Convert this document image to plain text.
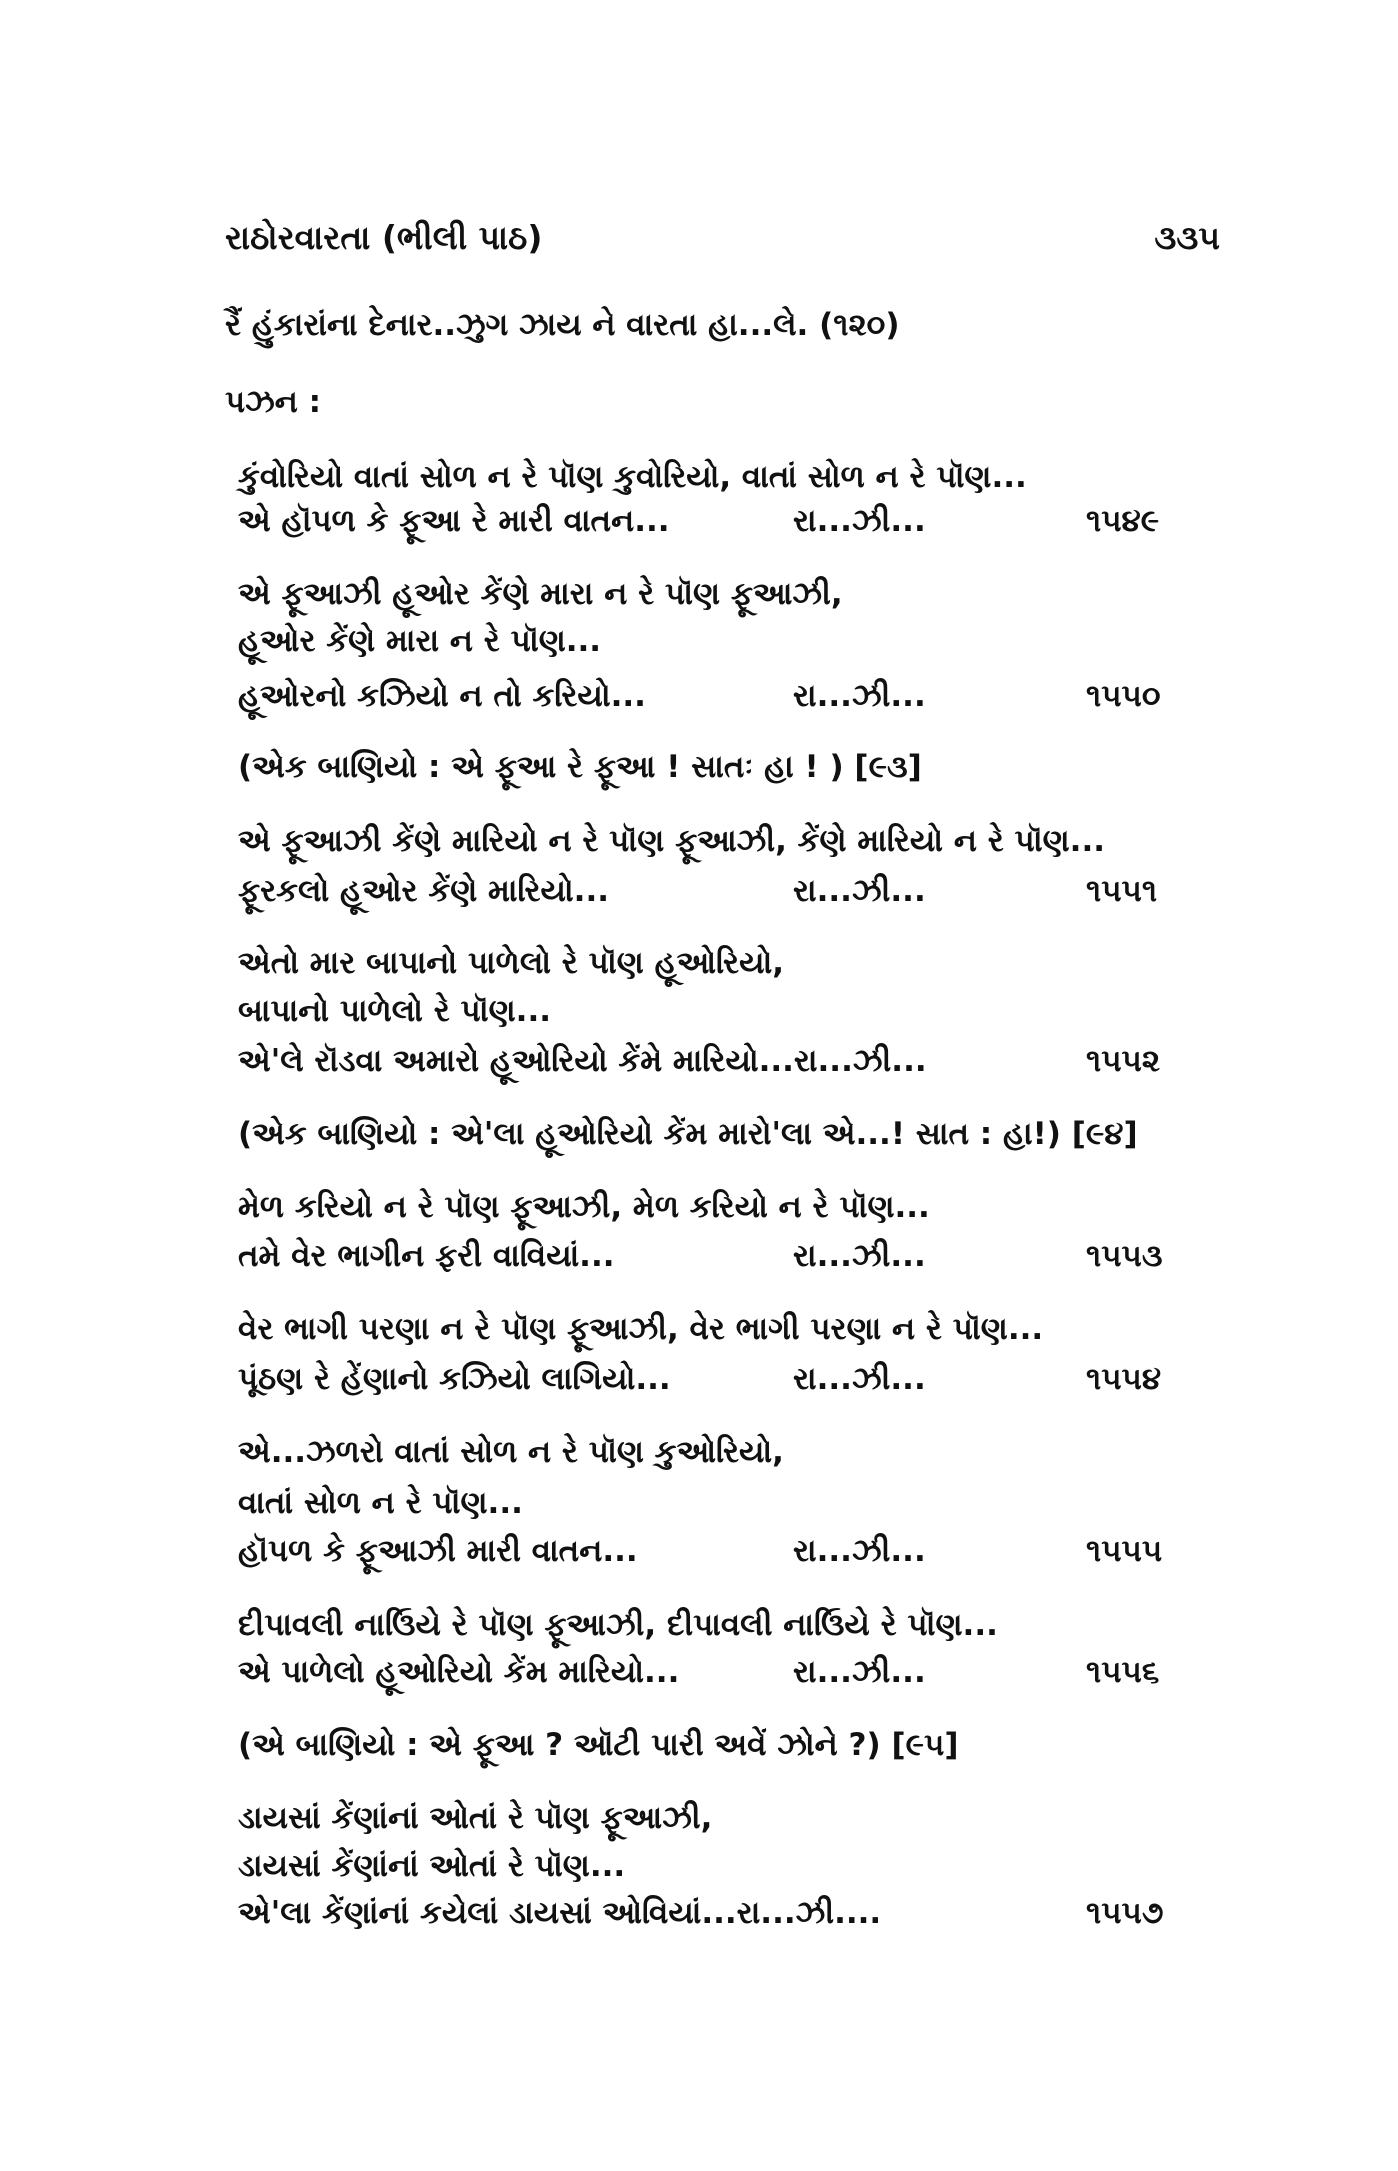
રાઠોરવારતા (ભીલી પાઠ)	૩૩૫
રૈં હુંકારાંના દેનાર..ઝુગ ઝાય ને વારતા હા...લે. (૧૨૦)
પઝન :
કુંવોરિયો વાતાં સોળ ન રે પૉણ કુવોરિયો, વાતાં સોળ ન રે પૉણ...
એ હૉપળ કે ફૂઆ રે મારી વાતન...	રા...ઝી...	૧૫૪૯
એ ફૂઆઝી હૂઓર કેંણે મારા ન રે પૉણ ફૂઆઝી,
હૂઓર કેંણે મારા ન રે પૉણ...
હૂઓરનો કઝિયો ન તો કરિયો...	રા...ઝી...	૧૫૫૦
(એક બાણિયો : એ ફૂઆ રે ફૂઆ ! સાતઃ હા ! ) [૯૩]
એ ફૂઆઝી કેંણે મારિયો ન રે પૉણ ફૂઆઝી, કેંણે મારિયો ન રે પૉણ...
ફૂરકલો હૂઓર કેંણે મારિયો...	રા...ઝી...	૧૫૫૧
એતો માર બાપાનો પાળેલો રે પૉણ હૂઓરિયો,
બાપાનો પાળેલો રે પૉણ...
એ'લે રૉડવા અમારો હૂઓરિયો કેંમે મારિયો...રા...ઝી...	૧૫૫૨
(એક બાણિયો : એ'લા હૂઓરિયો કેંમ મારો'લા એ...! સાત : હા!) [૯૪]
મેળ કરિયો ન રે પૉણ ફૂઆઝી, મેળ કરિયો ન રે પૉણ...
તમે વેર ભાગીન ફરી વાવિયાં...	રા...ઝી...	૧૫૫૩
વેર ભાગી પરણા ન રે પૉણ ફૂઆઝી, વેર ભાગી પરણા ન રે પૉણ...
પૂંઠણ રે હેંણાનો કઝિયો લાગિયો...	રા...ઝી...	૧૫૫૪
એ...ઝળરો વાતાં સોળ ન રે પૉણ કુઓરિયો,
વાતાં સોળ ન રે પૉણ...
હૉપળ કે ફૂઆઝી મારી વાતન...	રા...ઝી...	૧૫૫૫
દીપાવલી નાઉિયે રે પૉણ ફૂઆઝી, દીપાવલી નાઉિયે રે પૉણ...
એ પાળેલો હૂઓરિયો કેંમ મારિયો...	રા...ઝી...	૧૫૫૬
(એ બાણિયો : એ ફૂઆ ? ઑટી પારી અવેં ઝોને ?) [૯૫]
ડાયસાં કેંણાંનાં ઓતાં રે પૉણ ફૂઆઝી,
ડાયસાં કેંણાંનાં ઓતાં રે પૉણ...
એ'લા કેંણાંનાં કયેલાં ડાયસાં ઓવિયાં...રા...ઝી....	૧૫૫૭
